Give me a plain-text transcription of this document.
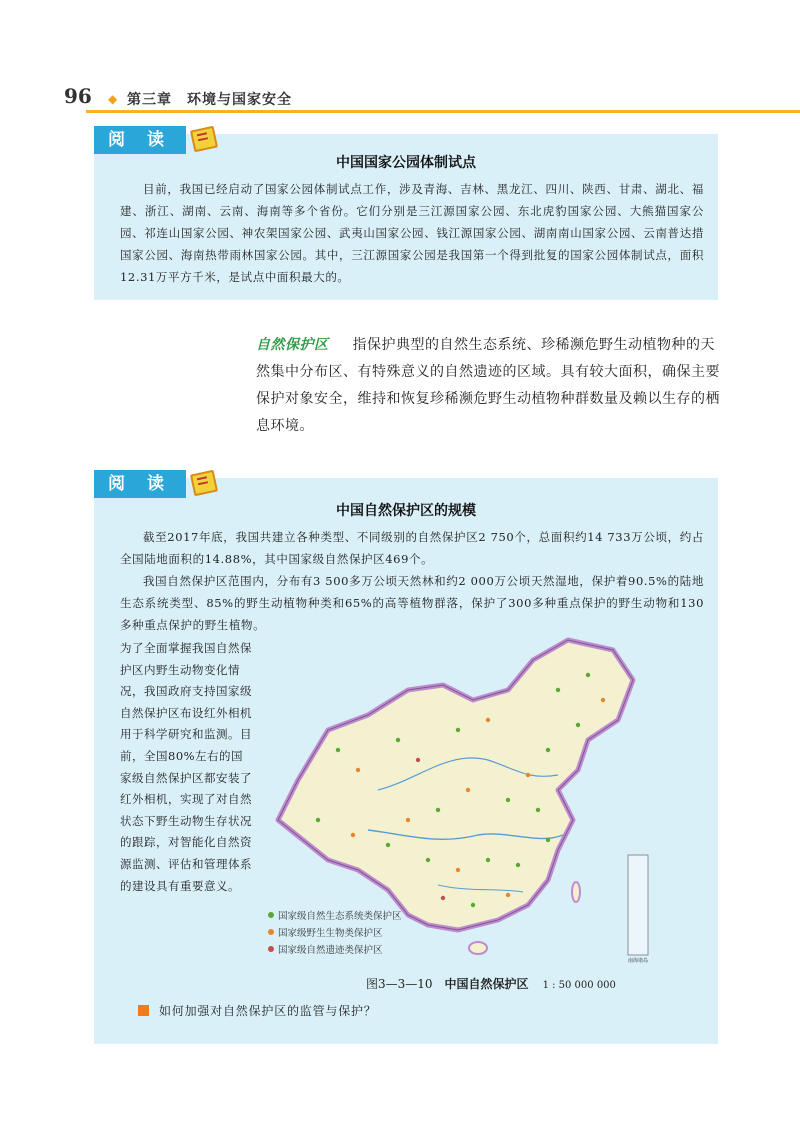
96 ◆ 第三章　环境与国家安全
阅 读
中国国家公园体制试点

目前，我国已经启动了国家公园体制试点工作，涉及青海、吉林、黑龙江、四川、陕西、甘肃、湖北、福建、浙江、湖南、云南、海南等多个省份。它们分别是三江源国家公园、东北虎豹国家公园、大熊猫国家公园、祁连山国家公园、神农架国家公园、武夷山国家公园、钱江源国家公园、湖南南山国家公园、云南普达措国家公园、海南热带雨林国家公园。其中，三江源国家公园是我国第一个得到批复的国家公园体制试点，面积12.31万平方千米，是试点中面积最大的。

自然保护区 指保护典型的自然生态系统、珍稀濒危野生动植物种的天然集中分布区、有特殊意义的自然遗迹的区域。具有较大面积，确保主要保护对象安全，维持和恢复珍稀濒危野生动植物种群数量及赖以生存的栖息环境。
阅 读
中国自然保护区的规模

截至2017年底，我国共建立各种类型、不同级别的自然保护区2 750个，总面积约14 733万公顷，约占全国陆地面积的14.88%，其中国家级自然保护区469个。

我国自然保护区范围内，分布有3 500多万公顷天然林和约2 000万公顷天然湿地，保护着90.5%的陆地生态系统类型、85%的野生动植物种类和65%的高等植物群落，保护了300多种重点保护的野生动物和130多种重点保护的野生植物。

为了全面掌握我国自然保护区内野生动物变化情况，我国政府支持国家级自然保护区布设红外相机用于科学研究和监测。目前，全国80%左右的国家级自然保护区都安装了红外相机，实现了对自然状态下野生动物生存状况的跟踪，对智能化自然资源监测、评估和管理体系的建设具有重要意义。
南海诸岛
国家级自然生态系统类保护区
国家级野生生物类保护区
国家级自然遗迹类保护区
图3—3—10 中国自然保护区 1 : 50 000 000
如何加强对自然保护区的监管与保护？
